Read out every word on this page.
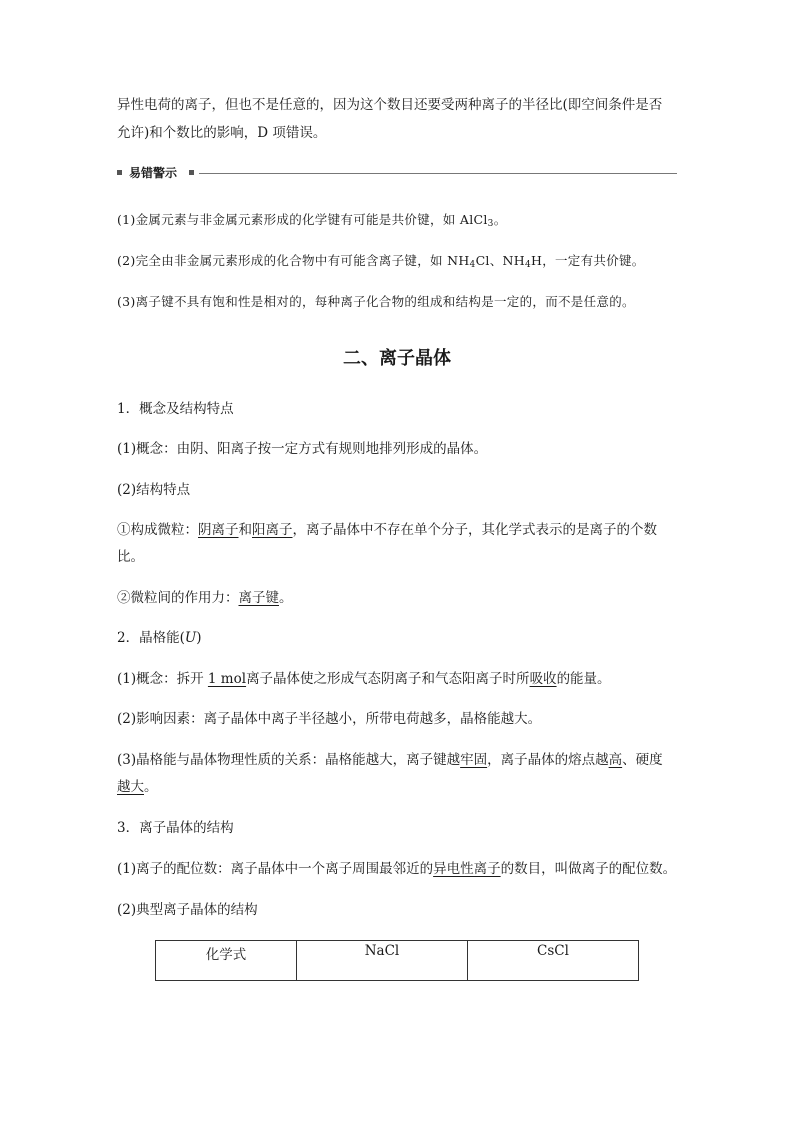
异性电荷的离子，但也不是任意的，因为这个数目还要受两种离子的半径比(即空间条件是否
允许)和个数比的影响，D 项错误。
易错警示
(1)金属元素与非金属元素形成的化学键有可能是共价键，如 AlCl$_3$。
(2)完全由非金属元素形成的化合物中有可能含离子键，如 $NH_4Cl$、$NH_4H$，一定有共价键。
(3)离子键不具有饱和性是相对的，每种离子化合物的组成和结构是一定的，而不是任意的。
二、离子晶体
1．概念及结构特点
(1)概念：由阴、阳离子按一定方式有规则地排列形成的晶体。
(2)结构特点
①构成微粒：阴离子和阳离子，离子晶体中不存在单个分子，其化学式表示的是离子的个数
比。
②微粒间的作用力：离子键。
2．晶格能(U)
(1)概念：拆开 1 mol离子晶体使之形成气态阴离子和气态阳离子时所吸收的能量。
(2)影响因素：离子晶体中离子半径越小，所带电荷越多，晶格能越大。
(3)晶格能与晶体物理性质的关系：晶格能越大，离子键越牢固，离子晶体的熔点越高、硬度
越大。
3．离子晶体的结构
(1)离子的配位数：离子晶体中一个离子周围最邻近的异电性离子的数目，叫做离子的配位数。
(2)典型离子晶体的结构
化学式	NaCl	CsCl
